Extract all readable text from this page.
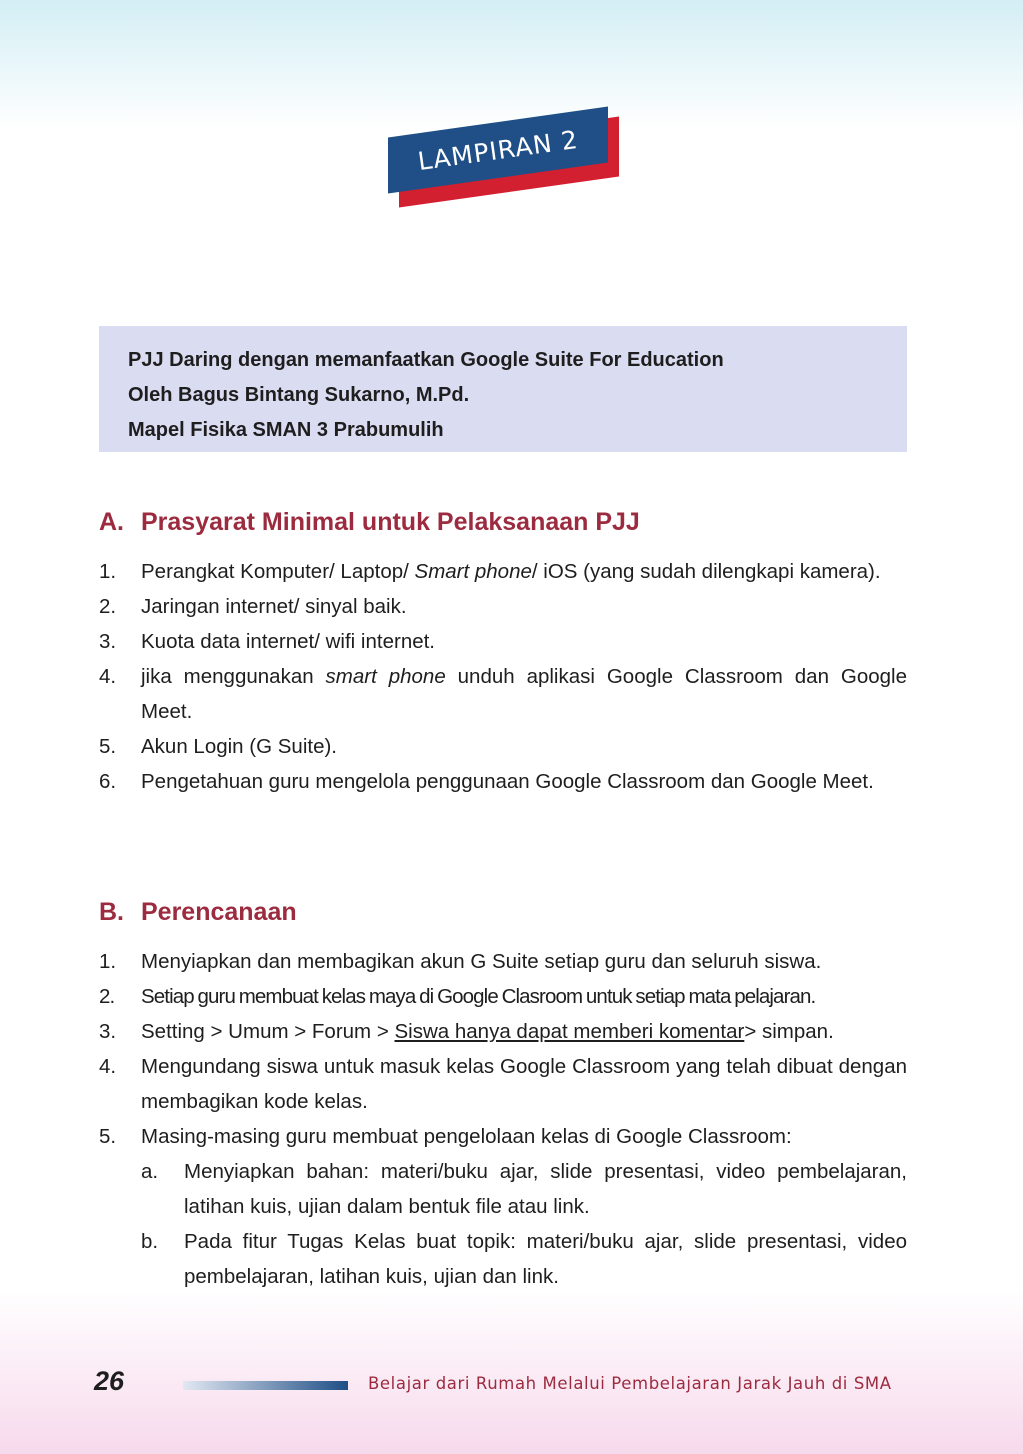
LAMPIRAN 2
PJJ Daring dengan memanfaatkan Google Suite For Education
Oleh Bagus Bintang Sukarno, M.Pd.
Mapel Fisika SMAN 3 Prabumulih
A. Prasyarat Minimal untuk Pelaksanaan PJJ
1.	Perangkat Komputer/ Laptop/ Smart phone/ iOS (yang sudah dilengkapi kamera).
2.	Jaringan internet/ sinyal baik.
3.	Kuota data internet/ wifi internet.
4.	jika menggunakan smart phone unduh aplikasi Google Classroom dan Google Meet.
5.	Akun Login (G Suite).
6.	Pengetahuan guru mengelola penggunaan Google Classroom dan Google Meet.
B. Perencanaan
1.	Menyiapkan dan membagikan akun G Suite setiap guru dan seluruh siswa.
2.	Setiap guru membuat kelas maya di Google Clasroom untuk setiap mata pelajaran.
3.	Setting > Umum > Forum > Siswa hanya dapat memberi komentar> simpan.
4.	Mengundang siswa untuk masuk kelas Google Classroom yang telah dibuat dengan membagikan kode kelas.
5.	Masing-masing guru membuat pengelolaan kelas di Google Classroom:
a.	Menyiapkan bahan: materi/buku ajar, slide presentasi, video pembelajaran, latihan kuis, ujian dalam bentuk file atau link.
b.	Pada fitur Tugas Kelas buat topik: materi/buku ajar, slide presentasi, video pembelajaran, latihan kuis, ujian dan link.
26	Belajar dari Rumah Melalui Pembelajaran Jarak Jauh di SMA
